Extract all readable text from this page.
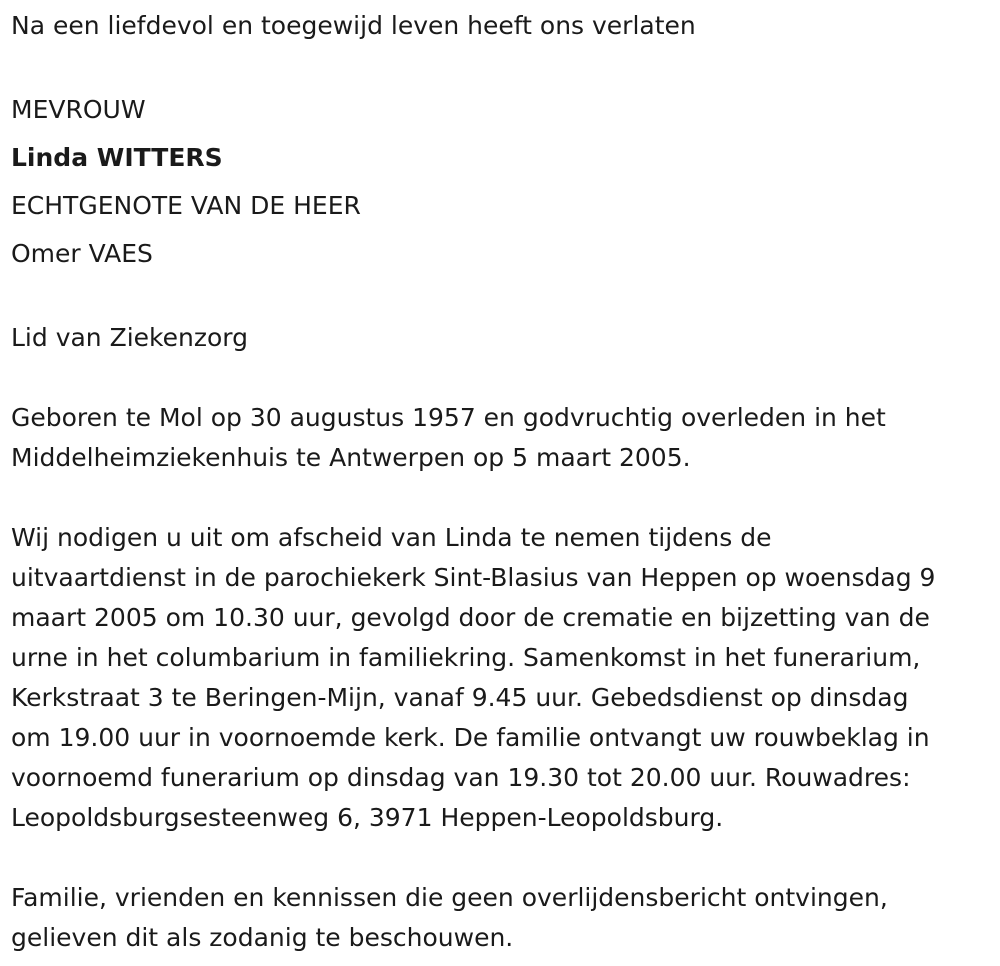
Na een liefdevol en toegewijd leven heeft ons verlaten
MEVROUW
Linda WITTERS
ECHTGENOTE VAN DE HEER
Omer VAES
Lid van Ziekenzorg

Geboren te Mol op 30 augustus 1957 en godvruchtig overleden in het
Middelheimziekenhuis te Antwerpen op 5 maart 2005.

Wij nodigen u uit om afscheid van Linda te nemen tijdens de
uitvaartdienst in de parochiekerk Sint-Blasius van Heppen op woensdag 9
maart 2005 om 10.30 uur, gevolgd door de crematie en bijzetting van de
urne in het columbarium in familiekring. Samenkomst in het funerarium,
Kerkstraat 3 te Beringen-Mijn, vanaf 9.45 uur. Gebedsdienst op dinsdag
om 19.00 uur in voornoemde kerk. De familie ontvangt uw rouwbeklag in
voornoemd funerarium op dinsdag van 19.30 tot 20.00 uur. Rouwadres:
Leopoldsburgsesteenweg 6, 3971 Heppen-Leopoldsburg.

Familie, vrienden en kennissen die geen overlijdensbericht ontvingen,
gelieven dit als zodanig te beschouwen.
